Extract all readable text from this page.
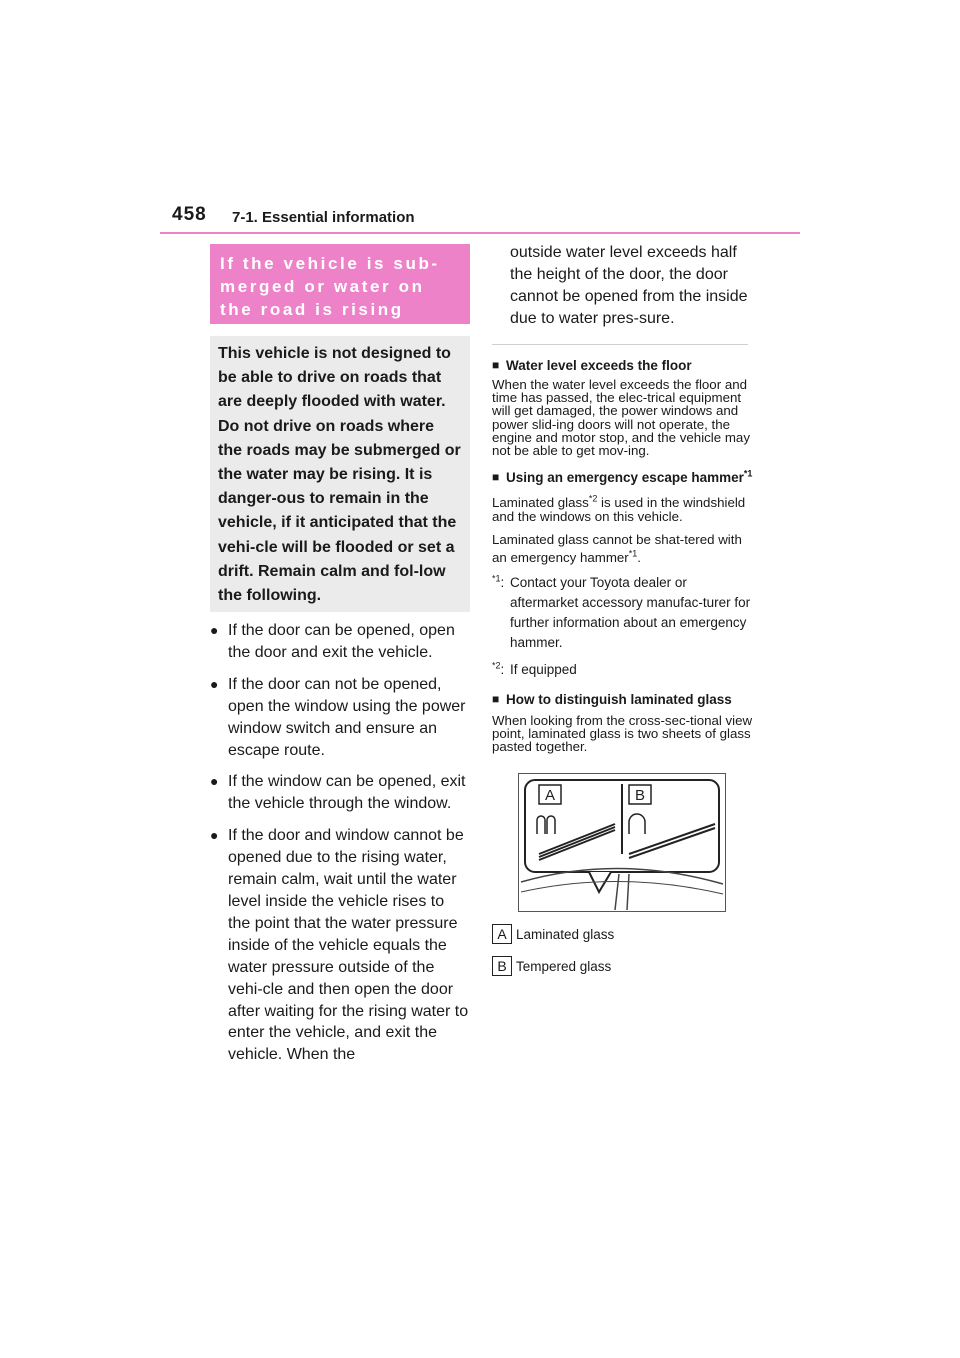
458 7-1. Essential information
If the vehicle is sub-merged or water on the road is rising
This vehicle is not designed to be able to drive on roads that are deeply flooded with water. Do not drive on roads where the roads may be submerged or the water may be rising. It is danger-ous to remain in the vehicle, if it anticipated that the vehi-cle will be flooded or set a drift. Remain calm and fol-low the following.
● If the door can be opened, open the door and exit the vehicle.
● If the door can not be opened, open the window using the power window switch and ensure an escape route.
● If the window can be opened, exit the vehicle through the window.
● If the door and window cannot be opened due to the rising water, remain calm, wait until the water level inside the vehicle rises to the point that the water pressure inside of the vehicle equals the water pressure outside of the vehi-cle and then open the door after waiting for the rising water to enter the vehicle, and exit the vehicle. When the
outside water level exceeds half the height of the door, the door cannot be opened from the inside due to water pres-sure.
■ Water level exceeds the floor
When the water level exceeds the floor and time has passed, the elec-trical equipment will get damaged, the power windows and power slid-ing doors will not operate, the engine and motor stop, and the vehicle may not be able to get mov-ing.
■ Using an emergency escape hammer$^{*1}$
Laminated glass$^{*2}$ is used in the windshield and the windows on this vehicle.
Laminated glass cannot be shat-tered with an emergency hammer$^{*1}$.
$^{*1}$: Contact your Toyota dealer or aftermarket accessory manufac-turer for further information about an emergency hammer.
$^{*2}$: If equipped
■ How to distinguish laminated glass
When looking from the cross-sec-tional view point, laminated glass is two sheets of glass pasted together.
A	B
A Laminated glass
B Tempered glass
